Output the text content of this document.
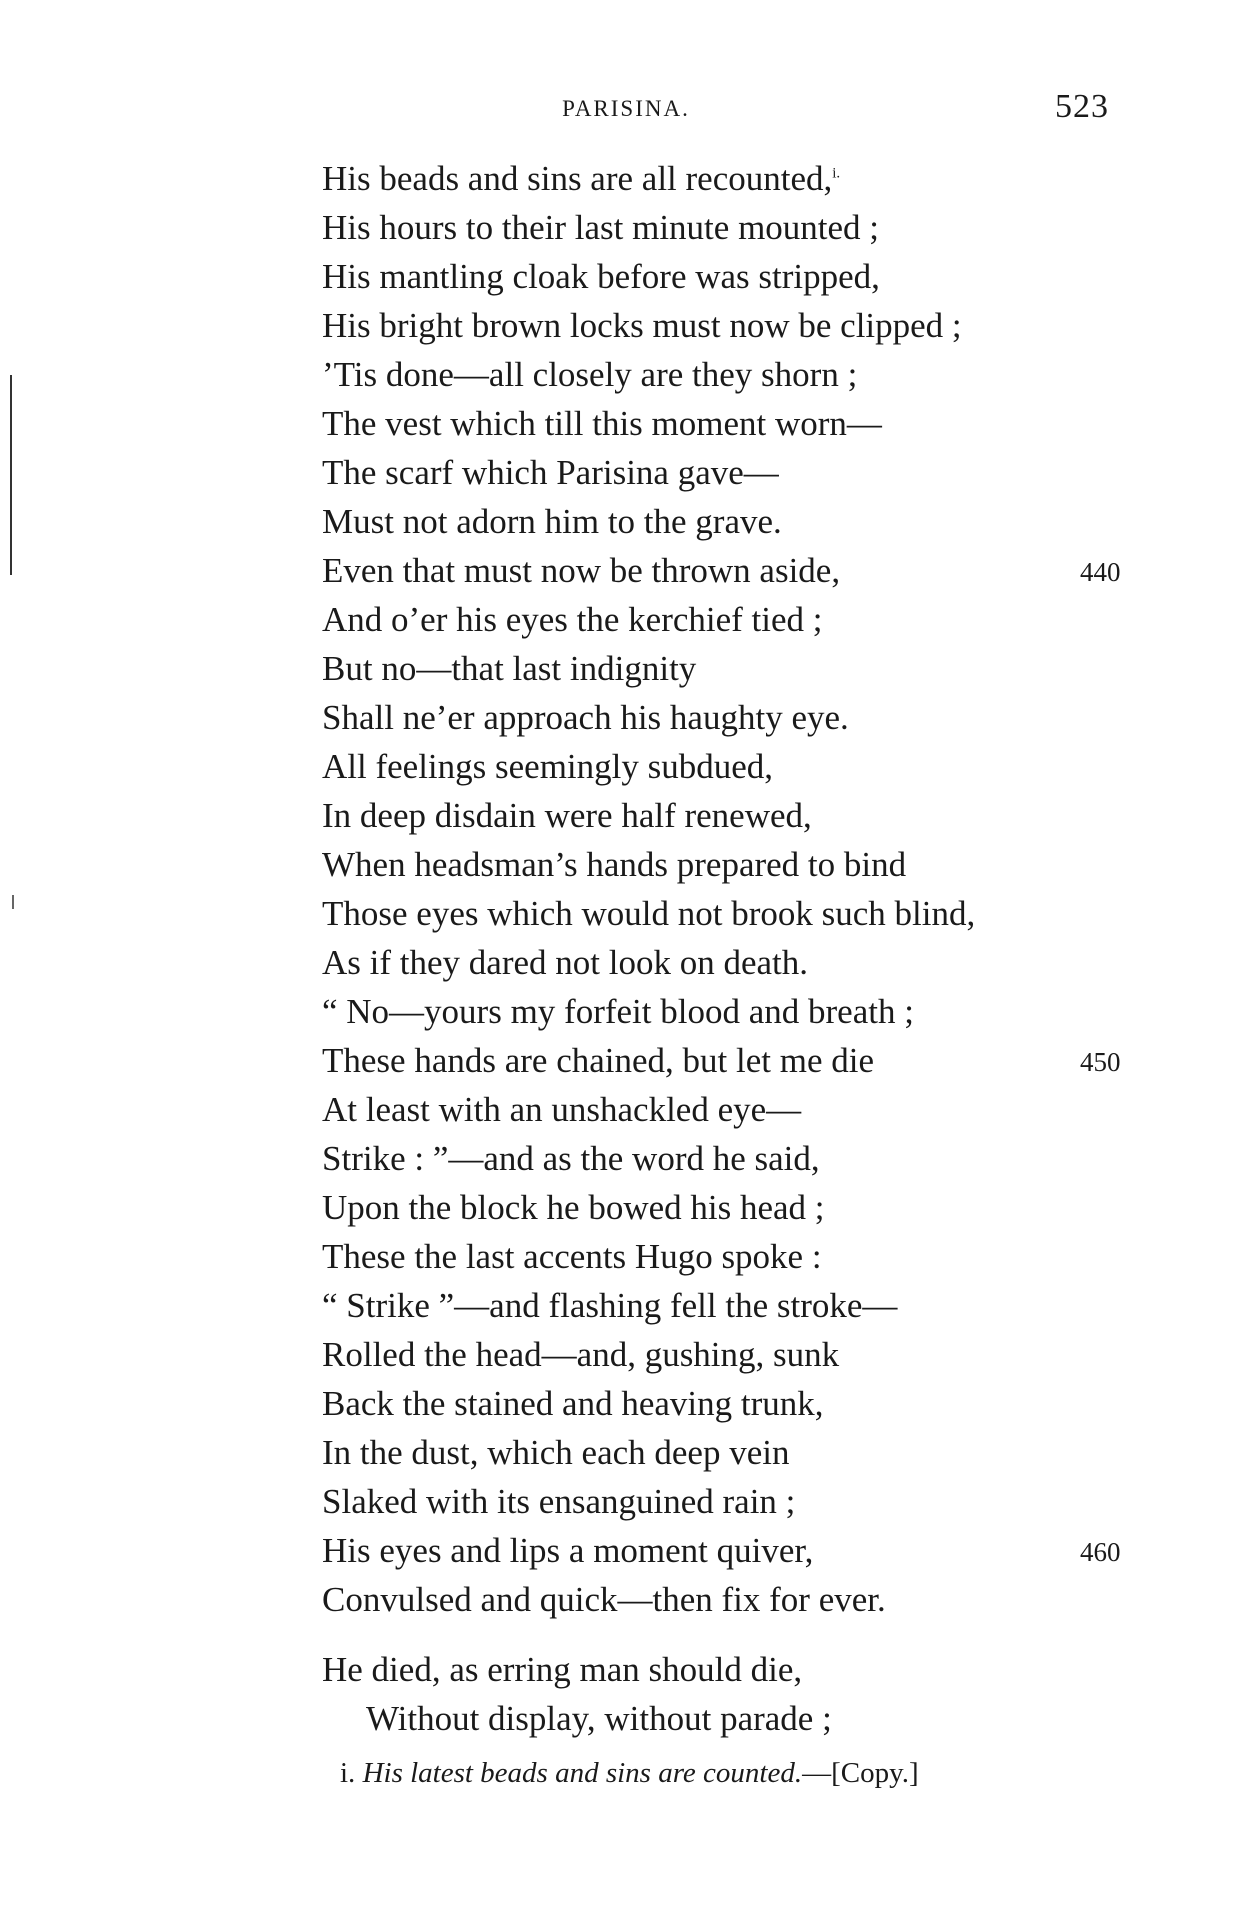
PARISINA.	523
His beads and sins are all recounted,$^{i.}$
His hours to their last minute mounted ;
His mantling cloak before was stripped,
His bright brown locks must now be clipped ;
’Tis done—all closely are they shorn ;
The vest which till this moment worn—
The scarf which Parisina gave—
Must not adorn him to the grave.
Even that must now be thrown aside,
And o’er his eyes the kerchief tied ;
But no—that last indignity
Shall ne’er approach his haughty eye.
All feelings seemingly subdued,
In deep disdain were half renewed,
When headsman’s hands prepared to bind
Those eyes which would not brook such blind,
As if they dared not look on death.
“ No—yours my forfeit blood and breath ;
These hands are chained, but let me die
At least with an unshackled eye—
Strike : ”—and as the word he said,
Upon the block he bowed his head ;
These the last accents Hugo spoke :
“ Strike ”—and flashing fell the stroke—
Rolled the head—and, gushing, sunk
Back the stained and heaving trunk,
In the dust, which each deep vein
Slaked with its ensanguined rain ;
His eyes and lips a moment quiver,
Convulsed and quick—then fix for ever.
He died, as erring man should die,
Without display, without parade ;
440
450
460
i. His latest beads and sins are counted.—[Copy.]
